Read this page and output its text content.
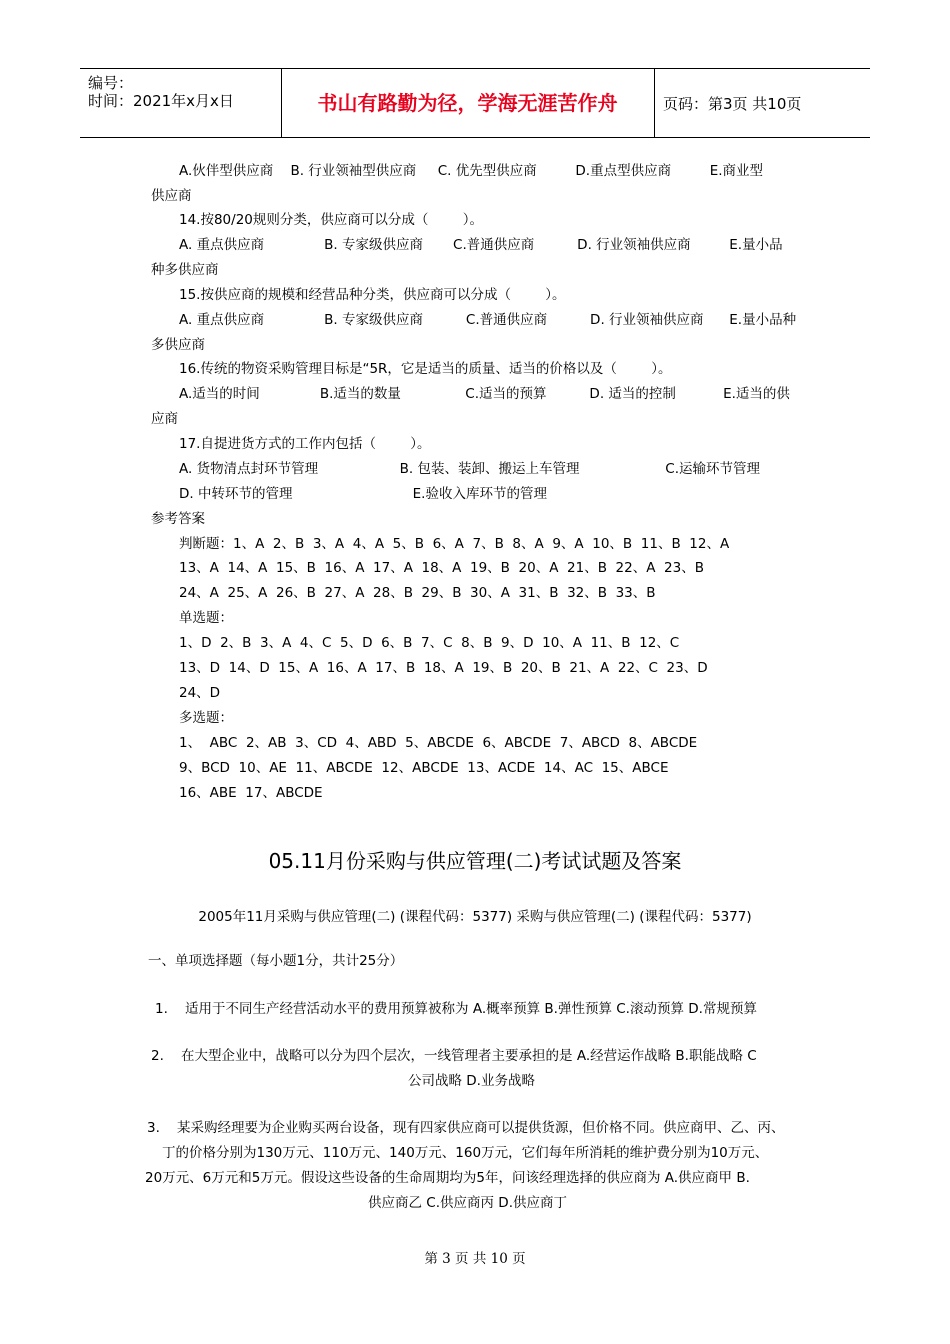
编号：
时间：2021年x月x日	书山有路勤为径，学海无涯苦作舟	页码：第3页 共10页
A.伙伴型供应商    B. 行业领袖型供应商     C. 优先型供应商         D.重点型供应商         E.商业型
供应商
14.按80/20规则分类，供应商可以分成（        ）。
A. 重点供应商              B. 专家级供应商       C.普通供应商          D. 行业领袖供应商         E.量小品
种多供应商
15.按供应商的规模和经营品种分类，供应商可以分成（        ）。
A. 重点供应商              B. 专家级供应商          C.普通供应商          D. 行业领袖供应商      E.量小品种
多供应商
16.传统的物资采购管理目标是“5R，它是适当的质量、适当的价格以及（        ）。
A.适当的时间              B.适当的数量               C.适当的预算          D. 适当的控制           E.适当的供
应商
17.自提进货方式的工作内包括（        ）。
A. 货物清点封环节管理                   B. 包装、装卸、搬运上车管理                    C.运输环节管理
D. 中转环节的管理                            E.验收入库环节的管理
参考答案
判断题：1、A  2、B  3、A  4、A  5、B  6、A  7、B  8、A  9、A  10、B  11、B  12、A
13、A  14、A  15、B  16、A  17、A  18、A  19、B  20、A  21、B  22、A  23、B
24、A  25、A  26、B  27、A  28、B  29、B  30、A  31、B  32、B  33、B
单选题：
1、D  2、B  3、A  4、C  5、D  6、B  7、C  8、B  9、D  10、A  11、B  12、C
13、D  14、D  15、A  16、A  17、B  18、A  19、B  20、B  21、A  22、C  23、D
24、D
多选题：
1、  ABC  2、AB  3、CD  4、ABD  5、ABCDE  6、ABCDE  7、ABCD  8、ABCDE
9、BCD  10、AE  11、ABCDE  12、ABCDE  13、ACDE  14、AC  15、ABCE
16、ABE  17、ABCDE
05.11月份采购与供应管理(二)考试试题及答案
2005年11月采购与供应管理(二) (课程代码：5377) 采购与供应管理(二) (课程代码：5377)
一、单项选择题（每小题1分，共计25分）
1.    适用于不同生产经营活动水平的费用预算被称为 A.概率预算 B.弹性预算 C.滚动预算 D.常规预算
2.    在大型企业中，战略可以分为四个层次，一线管理者主要承担的是 A.经营运作战略 B.职能战略 C
公司战略 D.业务战略
3.    某采购经理要为企业购买两台设备，现有四家供应商可以提供货源，但价格不同。供应商甲、乙、丙、
丁的价格分别为130万元、110万元、140万元、160万元，它们每年所消耗的维护费分别为10万元、
20万元、6万元和5万元。假设这些设备的生命周期均为5年，问该经理选择的供应商为 A.供应商甲 B.
供应商乙 C.供应商丙 D.供应商丁
第 3 页 共 10 页
